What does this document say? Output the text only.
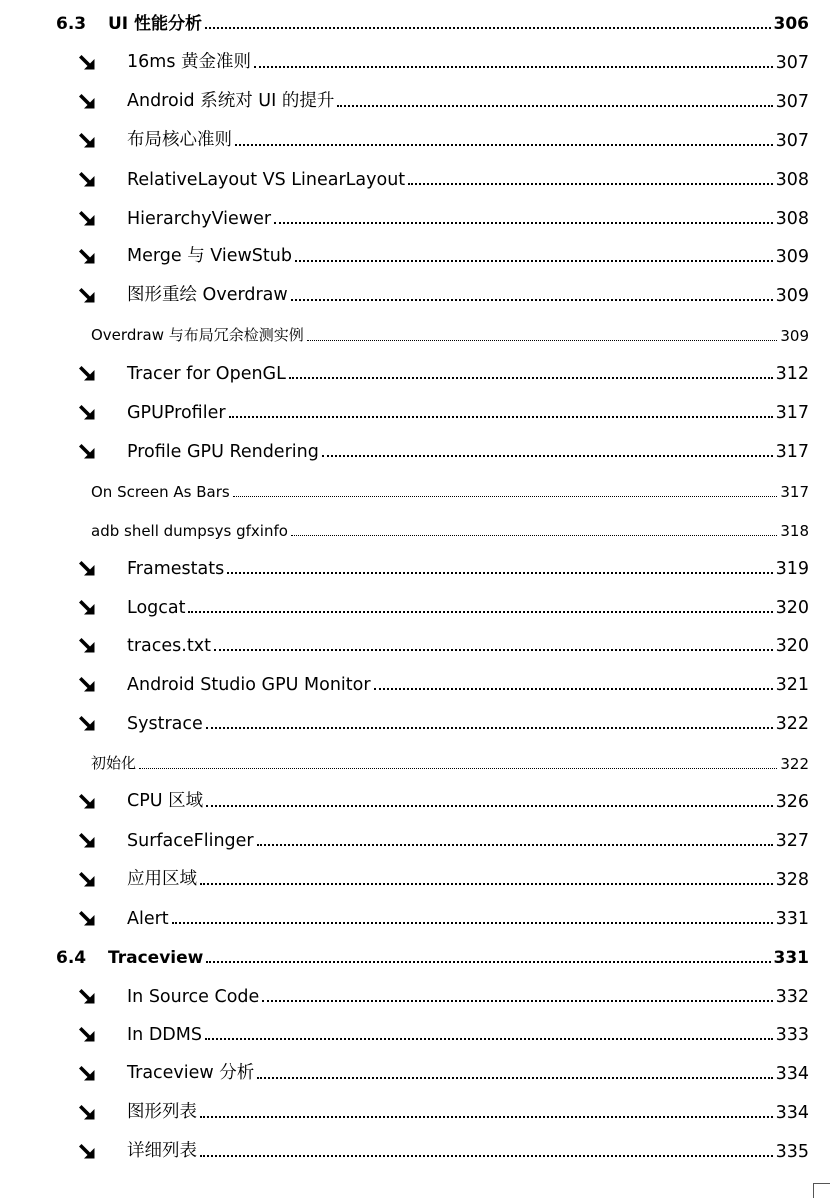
6.3 UI 性能分析	306
16ms 黄金准则	307
Android 系统对 UI 的提升	307
布局核心准则	307
RelativeLayout VS LinearLayout	308
HierarchyViewer	308
Merge 与 ViewStub	309
图形重绘 Overdraw	309
Overdraw 与布局冗余检测实例	309
Tracer for OpenGL	312
GPUProfiler	317
Profile GPU Rendering	317
On Screen As Bars	317
adb shell dumpsys gfxinfo	318
Framestats	319
Logcat	320
traces.txt	320
Android Studio GPU Monitor	321
Systrace	322
初始化	322
CPU 区域	326
SurfaceFlinger	327
应用区域	328
Alert	331
6.4 Traceview	331
In Source Code	332
In DDMS	333
Traceview 分析	334
图形列表	334
详细列表	335
